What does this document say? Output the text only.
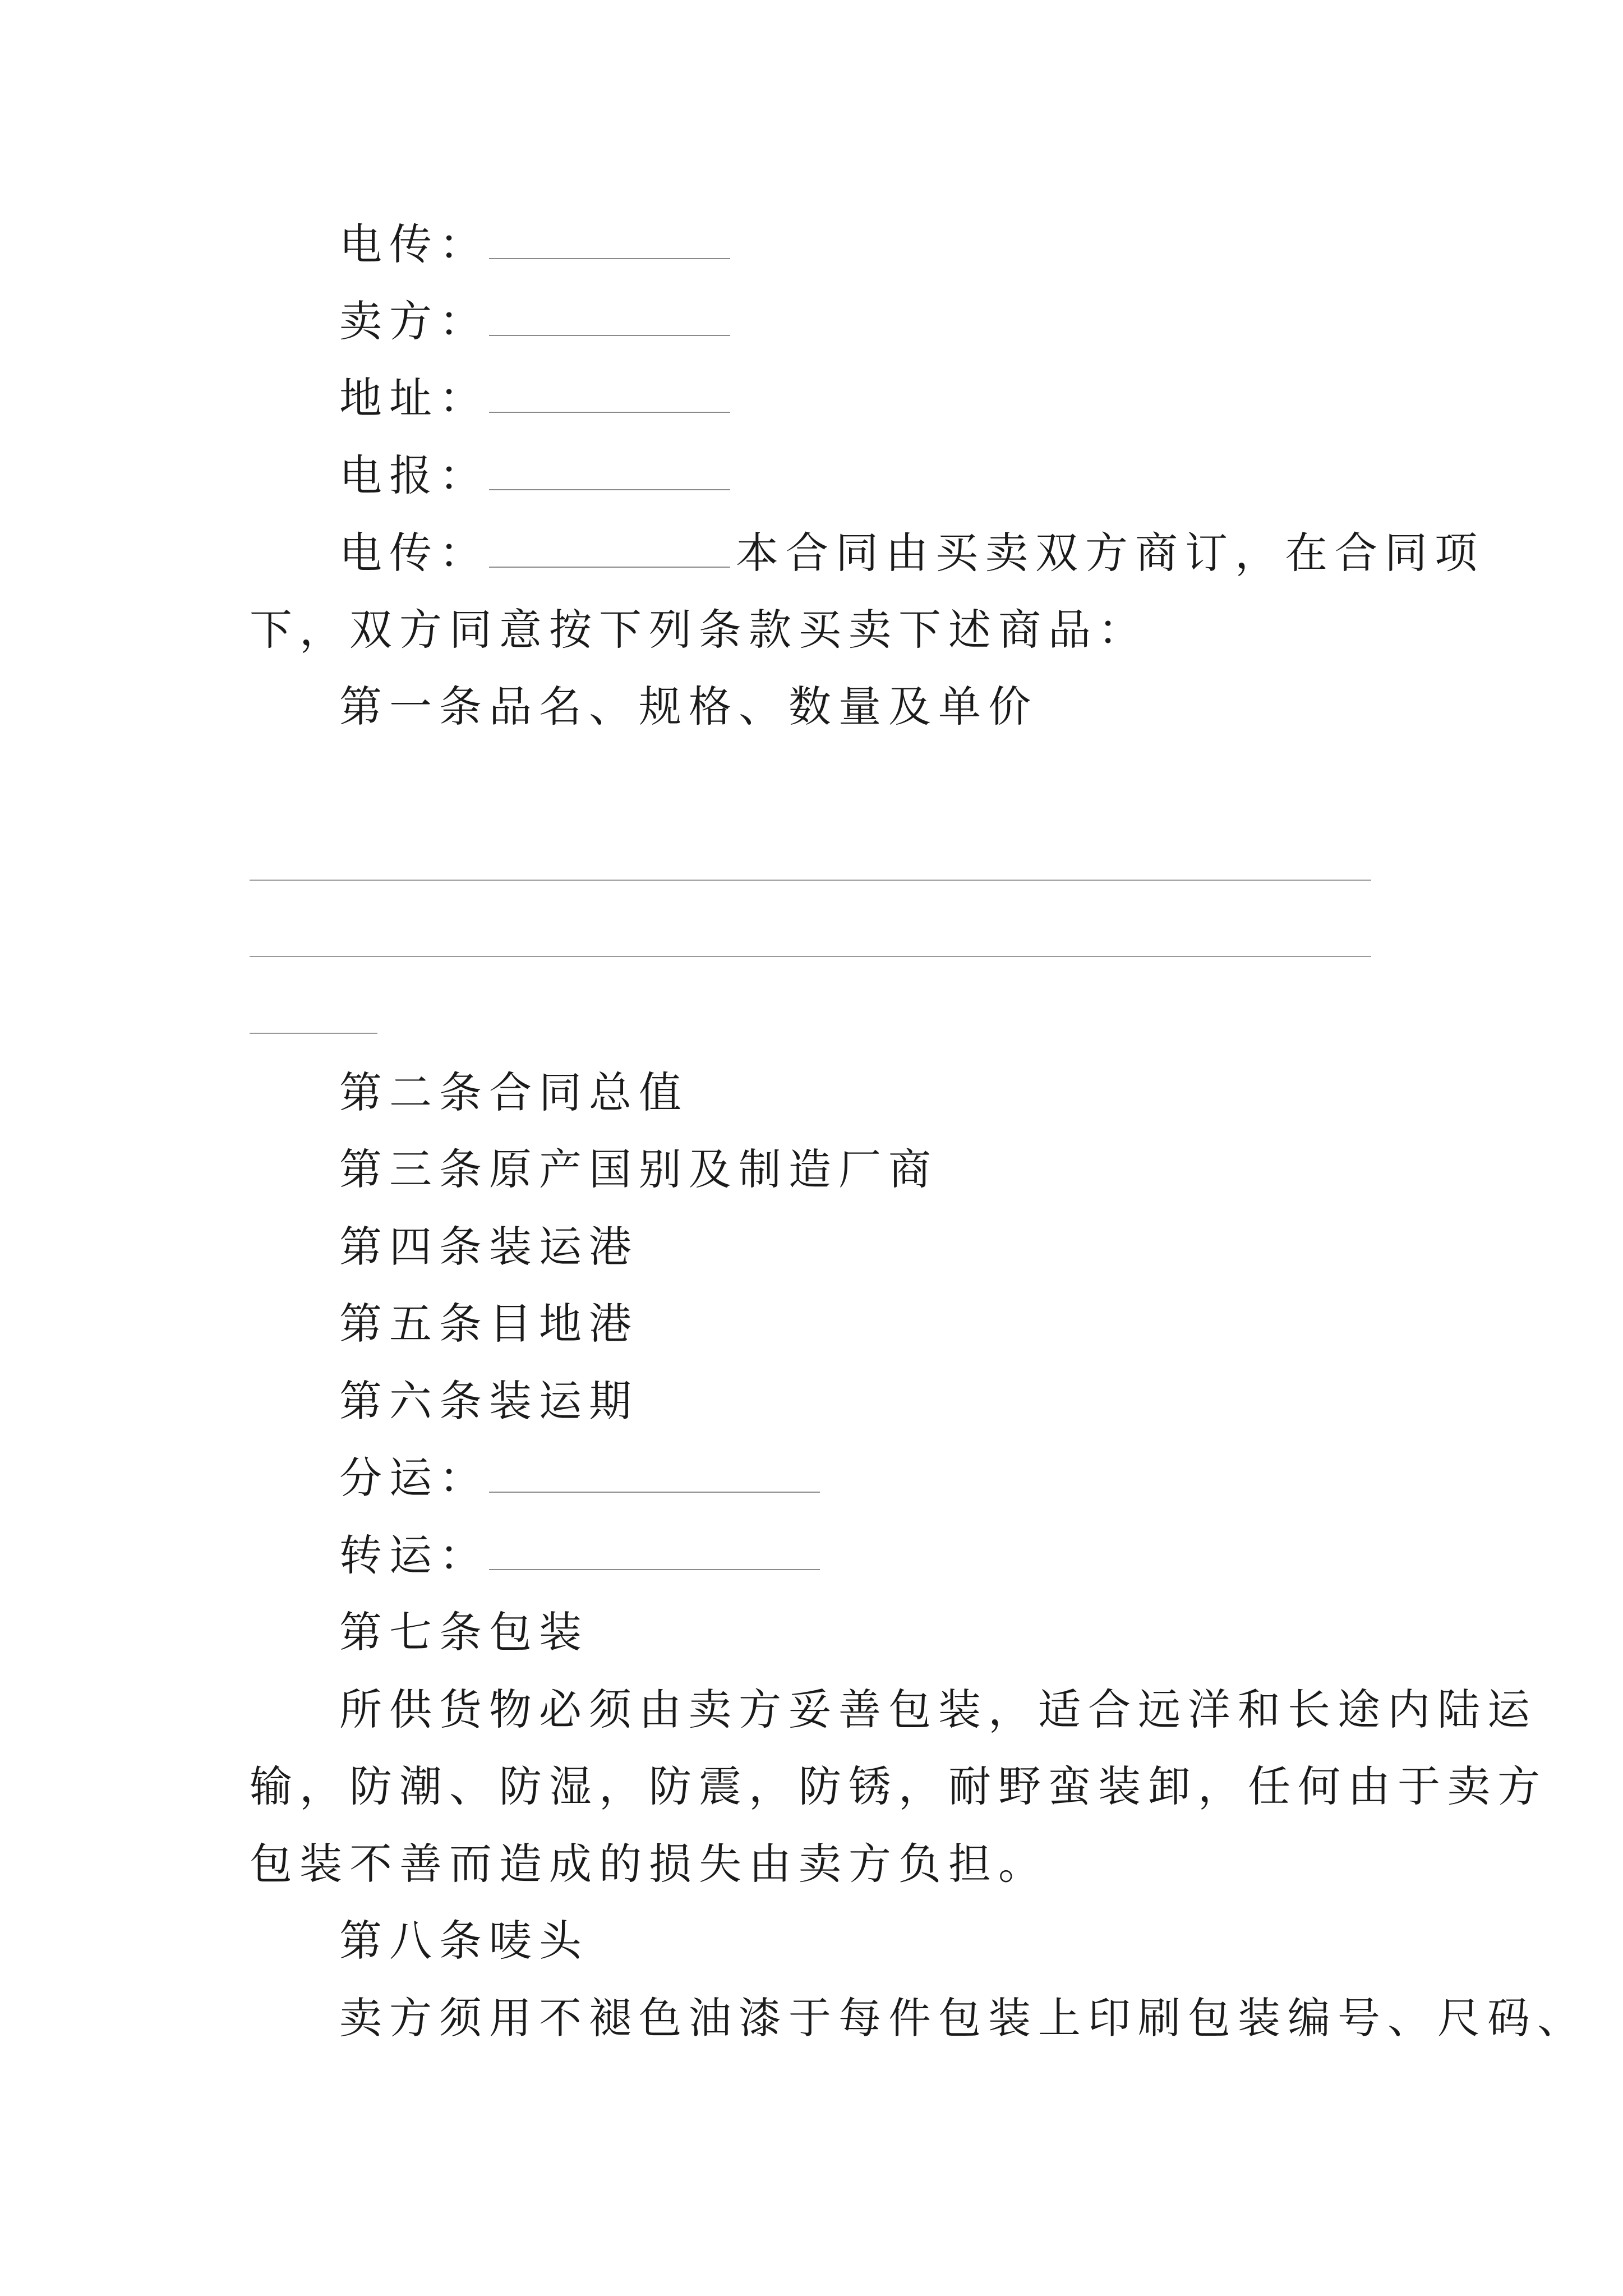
电传：
卖方：
地址：
电报：
电传：	本合同由买卖双方商订，在合同项
下，双方同意按下列条款买卖下述商品：
第一条品名、规格、数量及单价
第二条合同总值
第三条原产国别及制造厂商
第四条装运港
第五条目地港
第六条装运期
分运：
转运：
第七条包装
所供货物必须由卖方妥善包装，适合远洋和长途内陆运
输，防潮、防湿，防震，防锈，耐野蛮装卸，任何由于卖方
包装不善而造成的损失由卖方负担。
第八条唛头
卖方须用不褪色油漆于每件包装上印刷包装编号、尺码、
